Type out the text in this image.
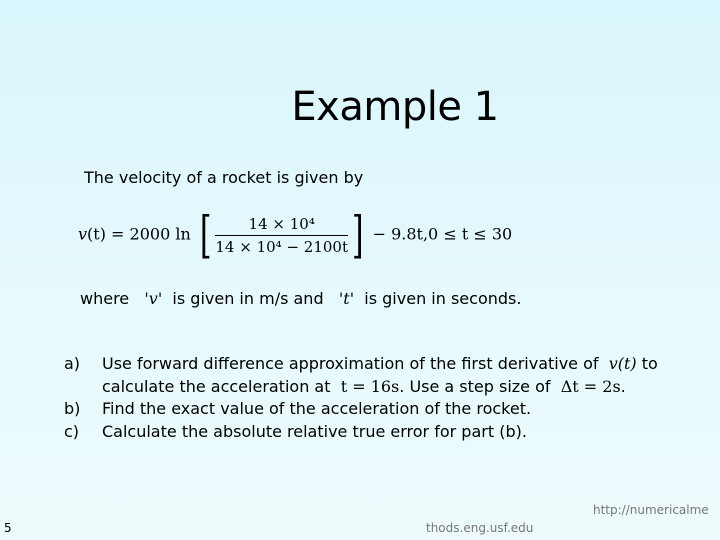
Example 1
The velocity of a rocket is given by
v(t) = 2000 ln [ $\frac{\text{14 × 10⁴}}{\text{14 × 10⁴ − 2100t}}$ ] − 9.8t,0 ≤ t ≤ 30
where 'v' is given in m/s and 't' is given in seconds.
a)	Use forward difference approximation of the first derivative of v(t) to
calculate the acceleration at t = 16s. Use a step size of Δt = 2s.
b)	Find the exact value of the acceleration of the rocket.
c)	Calculate the absolute relative true error for part (b).
5
http://numericalme
thods.eng.usf.edu
